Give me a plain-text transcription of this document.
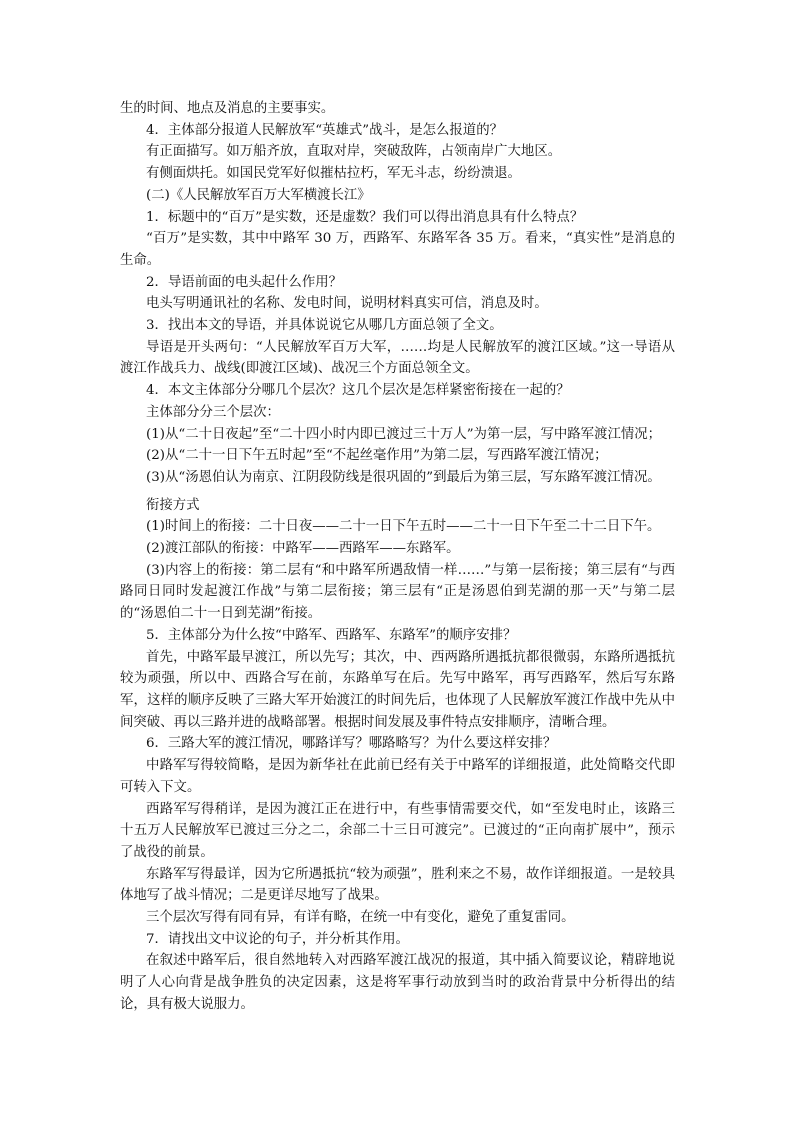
生的时间、地点及消息的主要事实。

4．主体部分报道人民解放军“英雄式”战斗，是怎么报道的？

有正面描写。如万船齐放，直取对岸，突破敌阵，占领南岸广大地区。

有侧面烘托。如国民党军好似摧枯拉朽，军无斗志，纷纷溃退。

(二)《人民解放军百万大军横渡长江》

1．标题中的“百万”是实数，还是虚数？我们可以得出消息具有什么特点？

“百万”是实数，其中中路军 30 万，西路军、东路军各 35 万。看来，“真实性”是消息的生命。

2．导语前面的电头起什么作用？

电头写明通讯社的名称、发电时间，说明材料真实可信，消息及时。

3．找出本文的导语，并具体说说它从哪几方面总领了全文。

导语是开头两句：“人民解放军百万大军，……均是人民解放军的渡江区域。”这一导语从渡江作战兵力、战线(即渡江区域)、战况三个方面总领全文。

4．本文主体部分分哪几个层次？这几个层次是怎样紧密衔接在一起的？

主体部分分三个层次：

(1)从“二十日夜起”至“二十四小时内即已渡过三十万人”为第一层，写中路军渡江情况；

(2)从“二十一日下午五时起”至“不起丝毫作用”为第二层，写西路军渡江情况；

(3)从“汤恩伯认为南京、江阴段防线是很巩固的”到最后为第三层，写东路军渡江情况。

衔接方式

(1)时间上的衔接：二十日夜——二十一日下午五时——二十一日下午至二十二日下午。

(2)渡江部队的衔接：中路军——西路军——东路军。

(3)内容上的衔接：第二层有“和中路军所遇敌情一样……”与第一层衔接；第三层有“与西路同日同时发起渡江作战”与第二层衔接；第三层有“正是汤恩伯到芜湖的那一天”与第二层的“汤恩伯二十一日到芜湖”衔接。

5．主体部分为什么按“中路军、西路军、东路军”的顺序安排？

首先，中路军最早渡江，所以先写；其次，中、西两路所遇抵抗都很微弱，东路所遇抵抗较为顽强，所以中、西路合写在前，东路单写在后。先写中路军，再写西路军，然后写东路军，这样的顺序反映了三路大军开始渡江的时间先后，也体现了人民解放军渡江作战中先从中间突破、再以三路并进的战略部署。根据时间发展及事件特点安排顺序，清晰合理。

6．三路大军的渡江情况，哪路详写？哪路略写？为什么要这样安排？

中路军写得较简略，是因为新华社在此前已经有关于中路军的详细报道，此处简略交代即可转入下文。

西路军写得稍详，是因为渡江正在进行中，有些事情需要交代，如“至发电时止，该路三十五万人民解放军已渡过三分之二，余部二十三日可渡完”。已渡过的“正向南扩展中”，预示了战役的前景。

东路军写得最详，因为它所遇抵抗“较为顽强”，胜利来之不易，故作详细报道。一是较具体地写了战斗情况；二是更详尽地写了战果。

三个层次写得有同有异，有详有略，在统一中有变化，避免了重复雷同。

7．请找出文中议论的句子，并分析其作用。

在叙述中路军后，很自然地转入对西路军渡江战况的报道，其中插入简要议论，精辟地说明了人心向背是战争胜负的决定因素，这是将军事行动放到当时的政治背景中分析得出的结论，具有极大说服力。
